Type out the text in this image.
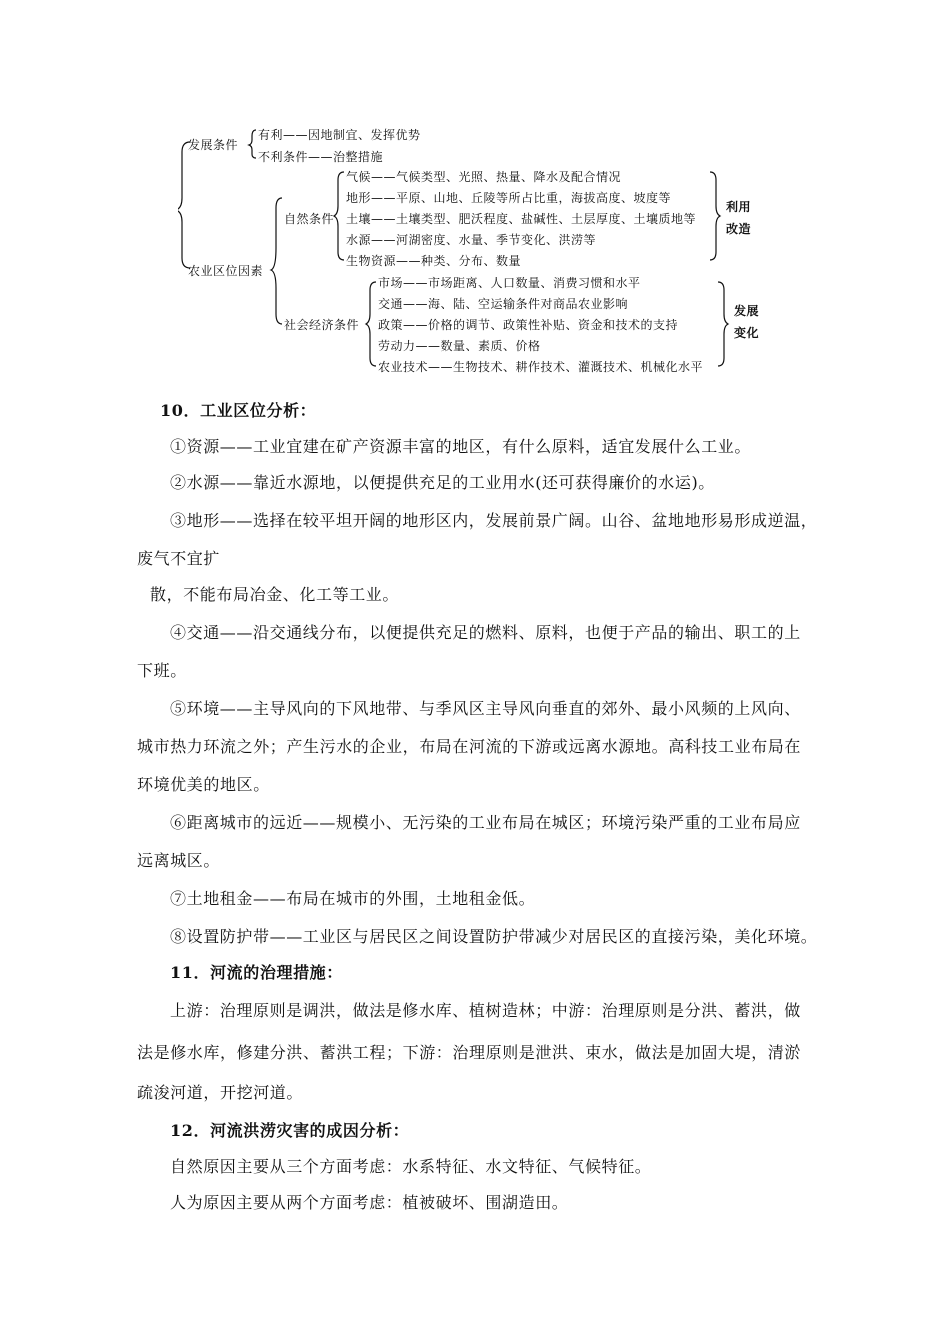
发展条件
有利——因地制宜、发挥优势
不利条件——治整措施
农业区位因素
自然条件
气候——气候类型、光照、热量、降水及配合情况
地形——平原、山地、丘陵等所占比重，海拔高度、坡度等
土壤——土壤类型、肥沃程度、盐碱性、土层厚度、土壤质地等
水源——河湖密度、水量、季节变化、洪涝等
生物资源——种类、分布、数量
利用
改造
社会经济条件
市场——市场距离、人口数量、消费习惯和水平
交通——海、陆、空运输条件对商品农业影响
政策——价格的调节、政策性补贴、资金和技术的支持
劳动力——数量、素质、价格
农业技术——生物技术、耕作技术、灌溉技术、机械化水平
发展
变化
10．工业区位分析：
①资源——工业宜建在矿产资源丰富的地区，有什么原料，适宜发展什么工业。
②水源——靠近水源地，以便提供充足的工业用水(还可获得廉价的水运)。
③地形——选择在较平坦开阔的地形区内，发展前景广阔。山谷、盆地地形易形成逆温，
废气不宜扩
散，不能布局冶金、化工等工业。
④交通——沿交通线分布，以便提供充足的燃料、原料，也便于产品的输出、职工的上
下班。
⑤环境——主导风向的下风地带、与季风区主导风向垂直的郊外、最小风频的上风向、
城市热力环流之外；产生污水的企业，布局在河流的下游或远离水源地。高科技工业布局在
环境优美的地区。
⑥距离城市的远近——规模小、无污染的工业布局在城区；环境污染严重的工业布局应
远离城区。
⑦土地租金——布局在城市的外围，土地租金低。
⑧设置防护带——工业区与居民区之间设置防护带减少对居民区的直接污染，美化环境。
11．河流的治理措施：
上游：治理原则是调洪，做法是修水库、植树造林；中游：治理原则是分洪、蓄洪，做
法是修水库，修建分洪、蓄洪工程；下游：治理原则是泄洪、束水，做法是加固大堤，清淤
疏浚河道，开挖河道。
12．河流洪涝灾害的成因分析：
自然原因主要从三个方面考虑：水系特征、水文特征、气候特征。
人为原因主要从两个方面考虑：植被破坏、围湖造田。
